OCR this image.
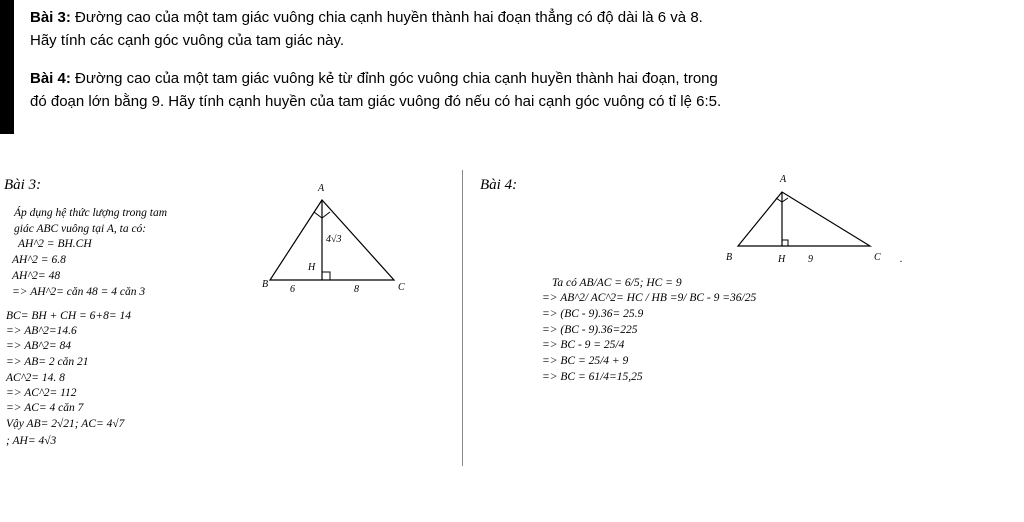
Bài 3: Đường cao của một tam giác vuông chia cạnh huyền thành hai đoạn thẳng có độ dài là 6 và 8. Hãy tính các cạnh góc vuông của tam giác này.

Bài 4: Đường cao của một tam giác vuông kẻ từ đỉnh góc vuông chia cạnh huyền thành hai đoạn, trong đó đoạn lớn bằng 9. Hãy tính cạnh huyền của tam giác vuông đó nếu có hai cạnh góc vuông có tỉ lệ 6:5.

Bài 3:
Áp dụng hệ thức lượng trong tam
giác ABC vuông tại A, ta có:
AH^2 = BH.CH
AH^2 = 6.8
AH^2= 48
=> AH^2= căn 48 = 4 căn 3
BC= BH + CH = 6+8= 14
=> AB^2=14.6
=> AB^2= 84
=> AB= 2 căn 21
AC^2= 14. 8
=> AC^2= 112
=> AC= 4 căn 7
Vậy AB= 2√21; AC= 4√7
; AH= 4√3
A
B	C
H
6	8
4√3
Bài 4:	A
B	C
H 9	.
Ta có AB/AC = 6/5; HC = 9
=> AB^2/ AC^2= HC / HB =9/ BC - 9 =36/25
=> (BC - 9).36= 25.9
=> (BC - 9).36=225
=> BC - 9 = 25/4
=> BC = 25/4 + 9
=> BC = 61/4=15,25
